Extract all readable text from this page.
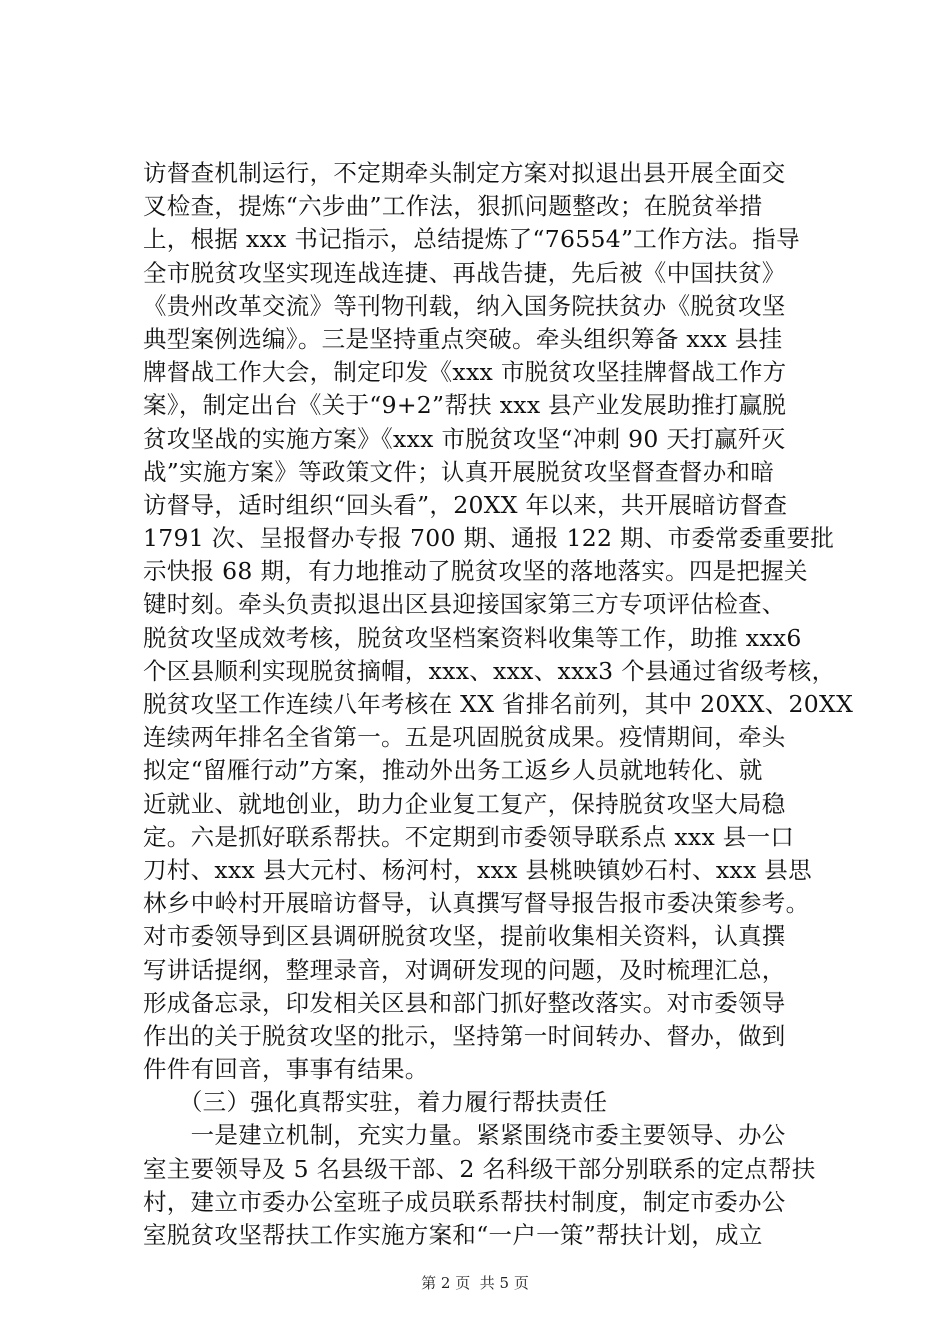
访督查机制运行，不定期牵头制定方案对拟退出县开展全面交
叉检查，提炼“六步曲”工作法，狠抓问题整改；在脱贫举措
上，根据 xxx 书记指示，总结提炼了“76554”工作方法。指导
全市脱贫攻坚实现连战连捷、再战告捷，先后被《中国扶贫》
《贵州改革交流》等刊物刊载，纳入国务院扶贫办《脱贫攻坚
典型案例选编》。三是坚持重点突破。牵头组织筹备 xxx 县挂
牌督战工作大会，制定印发《xxx 市脱贫攻坚挂牌督战工作方
案》，制定出台《关于“9+2”帮扶 xxx 县产业发展助推打赢脱
贫攻坚战的实施方案》《xxx 市脱贫攻坚“冲刺 90 天打赢歼灭
战”实施方案》等政策文件；认真开展脱贫攻坚督查督办和暗
访督导，适时组织“回头看”，20XX 年以来，共开展暗访督查
1791 次、呈报督办专报 700 期、通报 122 期、市委常委重要批
示快报 68 期，有力地推动了脱贫攻坚的落地落实。四是把握关
键时刻。牵头负责拟退出区县迎接国家第三方专项评估检查、
脱贫攻坚成效考核，脱贫攻坚档案资料收集等工作，助推 xxx6
个区县顺利实现脱贫摘帽，xxx、xxx、xxx3 个县通过省级考核，
脱贫攻坚工作连续八年考核在 XX 省排名前列，其中 20XX、20XX
连续两年排名全省第一。五是巩固脱贫成果。疫情期间，牵头
拟定“留雁行动”方案，推动外出务工返乡人员就地转化、就
近就业、就地创业，助力企业复工复产，保持脱贫攻坚大局稳
定。六是抓好联系帮扶。不定期到市委领导联系点 xxx 县一口
刀村、xxx 县大元村、杨河村，xxx 县桃映镇妙石村、xxx 县思
林乡中岭村开展暗访督导，认真撰写督导报告报市委决策参考。
对市委领导到区县调研脱贫攻坚，提前收集相关资料，认真撰
写讲话提纲，整理录音，对调研发现的问题，及时梳理汇总，
形成备忘录，印发相关区县和部门抓好整改落实。对市委领导
作出的关于脱贫攻坚的批示，坚持第一时间转办、督办，做到
件件有回音，事事有结果。
　　（三）强化真帮实驻，着力履行帮扶责任
　　一是建立机制，充实力量。紧紧围绕市委主要领导、办公
室主要领导及 5 名县级干部、2 名科级干部分别联系的定点帮扶
村，建立市委办公室班子成员联系帮扶村制度，制定市委办公
室脱贫攻坚帮扶工作实施方案和“一户一策”帮扶计划，成立
第 2 页  共 5 页
